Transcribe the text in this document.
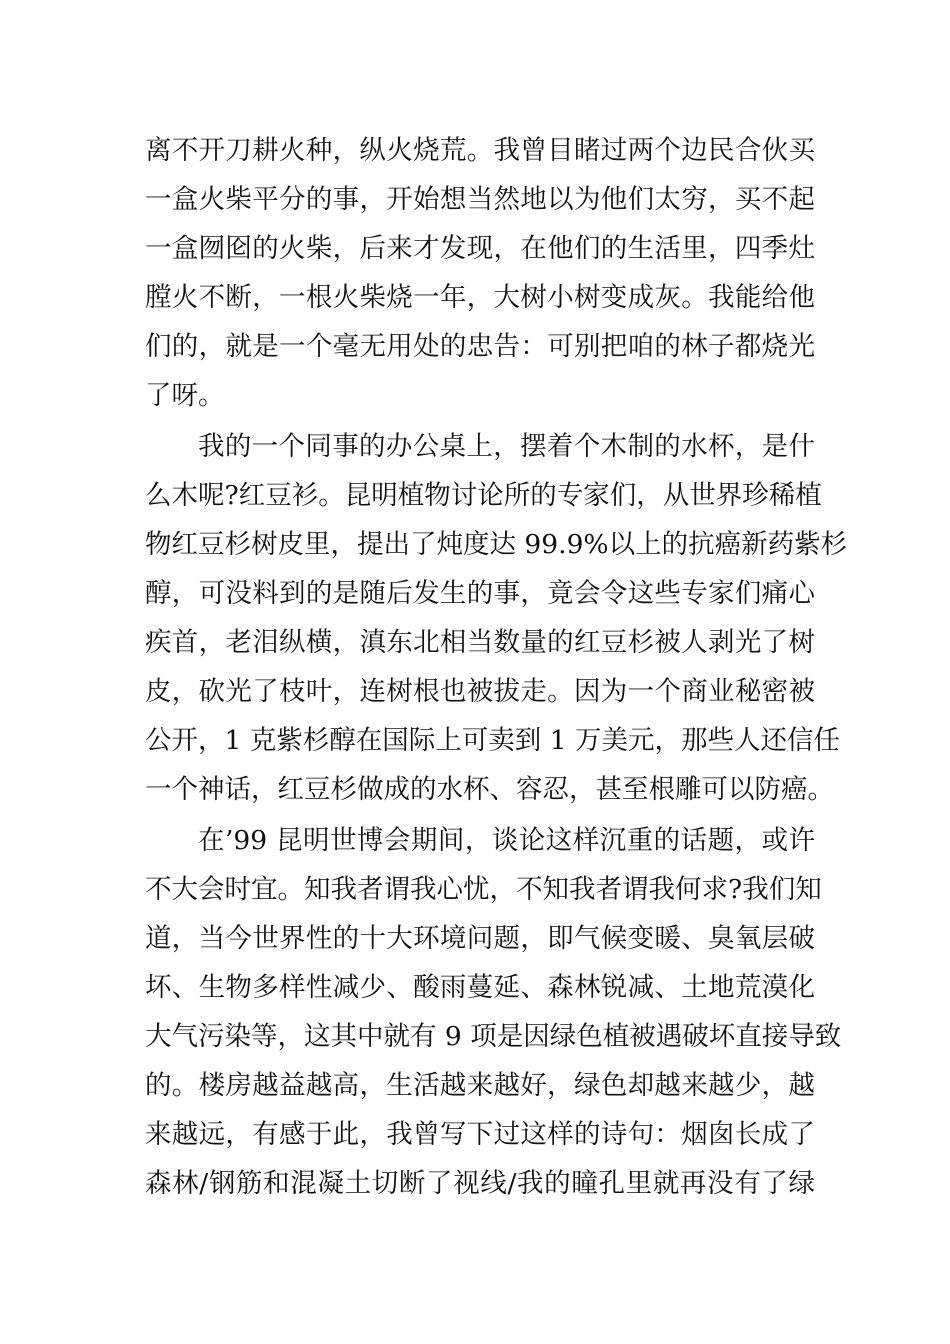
离不开刀耕火种，纵火烧荒。我曾目睹过两个边民合伙买
一盒火柴平分的事，开始想当然地以为他们太穷，买不起
一盒囫囵的火柴，后来才发现，在他们的生活里，四季灶
膛火不断，一根火柴烧一年，大树小树变成灰。我能给他
们的，就是一个毫无用处的忠告：可别把咱的林子都烧光
了呀。
我的一个同事的办公桌上，摆着个木制的水杯，是什
么木呢?红豆衫。昆明植物讨论所的专家们，从世界珍稀植
物红豆杉树皮里，提出了炖度达 99.9%以上的抗癌新药紫杉
醇，可没料到的是随后发生的事，竟会令这些专家们痛心
疾首，老泪纵横，滇东北相当数量的红豆杉被人剥光了树
皮，砍光了枝叶，连树根也被拔走。因为一个商业秘密被
公开，1 克紫杉醇在国际上可卖到 1 万美元，那些人还信任
一个神话，红豆杉做成的水杯、容忍，甚至根雕可以防癌。
在’99 昆明世博会期间，谈论这样沉重的话题，或许
不大会时宜。知我者谓我心忧，不知我者谓我何求?我们知
道，当今世界性的十大环境问题，即气候变暖、臭氧层破
坏、生物多样性减少、酸雨蔓延、森林锐减、土地荒漠化
大气污染等，这其中就有 9 项是因绿色植被遇破坏直接导致
的。楼房越益越高，生活越来越好，绿色却越来越少，越
来越远，有感于此，我曾写下过这样的诗句：烟囱长成了
森林/钢筋和混凝土切断了视线/我的瞳孔里就再没有了绿
